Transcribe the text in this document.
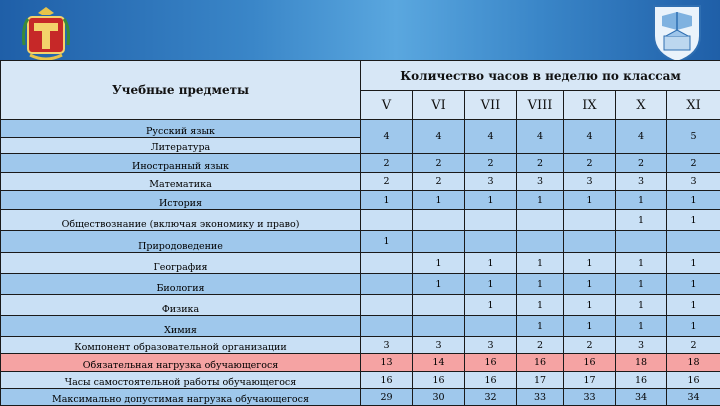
Учебные предметы	Количество часов в неделю по классам						
	V	VI	VII	VIII	IX	X	XI
Русский язык	4	4	4	4	4	4	5
Литература							
Иностранный язык	2	2	2	2	2	2	2
Математика	2	2	3	3	3	3	3
История	1	1	1	1	1	1	1
Обществознание (включая экономику и право)						1	1
Природоведение	1						
География		1	1	1	1	1	1
Биология		1	1	1	1	1	1
Физика			1	1	1	1	1
Химия				1	1	1	1
Компонент образовательной организации	3	3	3	2	2	3	2
Обязательная нагрузка обучающегося	13	14	16	16	16	18	18
Часы самостоятельной работы обучающегося	16	16	16	17	17	16	16
Максимально допустимая нагрузка обучающегося	29	30	32	33	33	34	34
